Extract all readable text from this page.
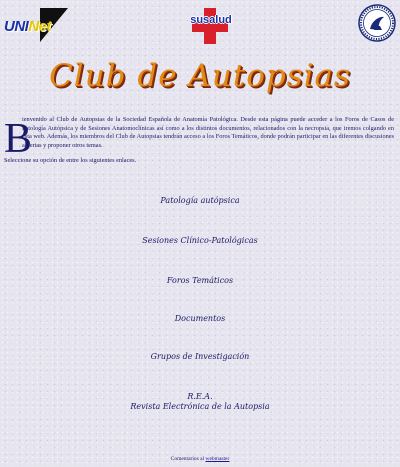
UNINet	susalud
Club de Autopsias
B
ienvenido al Club de Autopsias de la Sociedad Española de Anatomía Patológica. Desde esta página puede acceder a los Foros de Casos de Patología Autópsica y de Sesiones Anatomoclínicas así como a los distintos documentos, relacionados con la necropsia, que iremos colgando en esta web. Además, los miembros del Club de Autopsias tendrán acceso a los Foros Temáticos, donde podrán participar en las diferentes discusiones abiertas y proponer otros temas.
Seleccione su opción de entre los siguientes enlaces.
Patología autópsica
Sesiones Clínico-Patológicas
Foros Temáticos
Documentos
Grupos de Investigación
R.E.A.
Revista Electrónica de la Autopsia
Comentarios al webmaster
